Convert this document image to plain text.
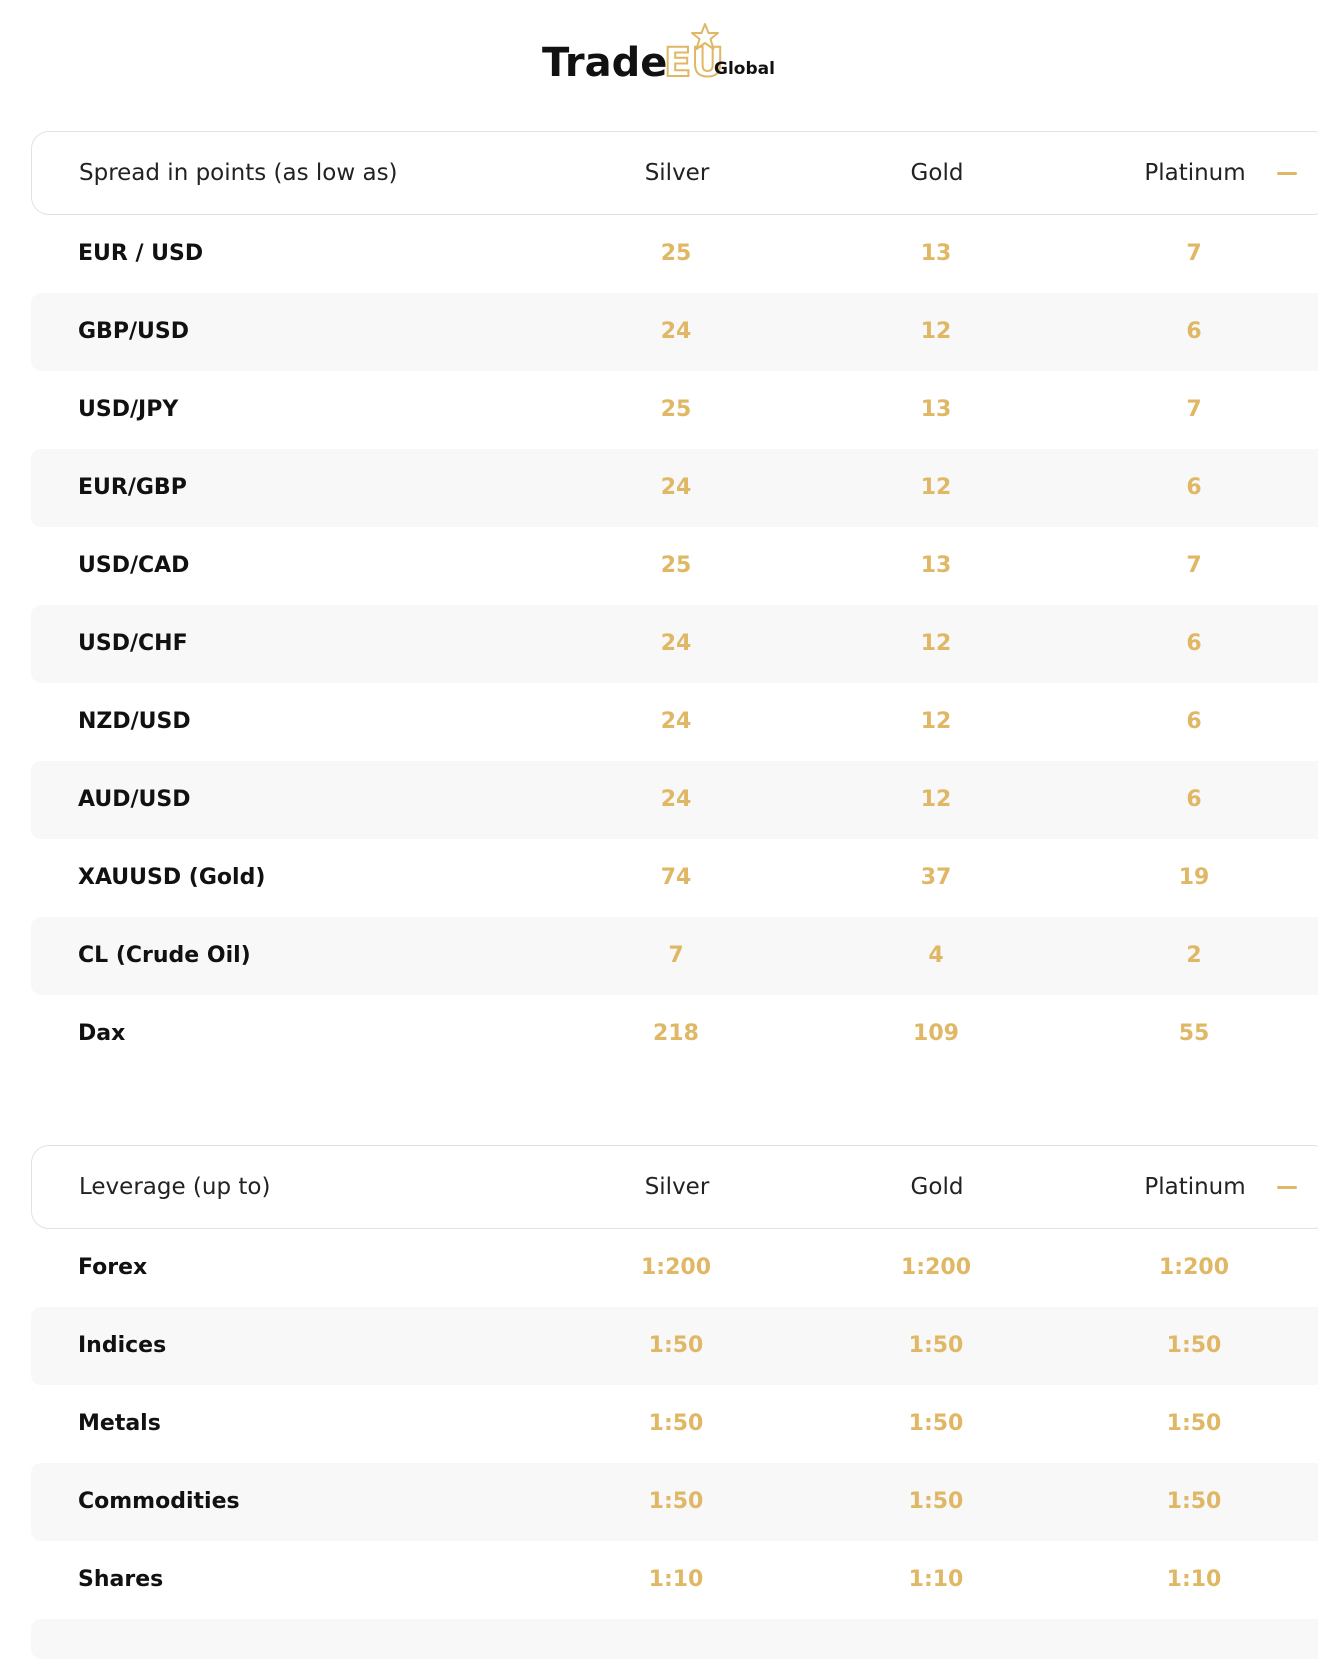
Trade
EU
Global
Spread in points (as low as)	Silver	Gold	Platinum
EUR / USD	25	13	7
GBP/USD	24	12	6
USD/JPY	25	13	7
EUR/GBP	24	12	6
USD/CAD	25	13	7
USD/CHF	24	12	6
NZD/USD	24	12	6
AUD/USD	24	12	6
XAUUSD (Gold)	74	37	19
CL (Crude Oil)	7	4	2
Dax	218	109	55
Leverage (up to)	Silver	Gold	Platinum
Forex	1:200	1:200	1:200
Indices	1:50	1:50	1:50
Metals	1:50	1:50	1:50
Commodities	1:50	1:50	1:50
Shares	1:10	1:10	1:10
